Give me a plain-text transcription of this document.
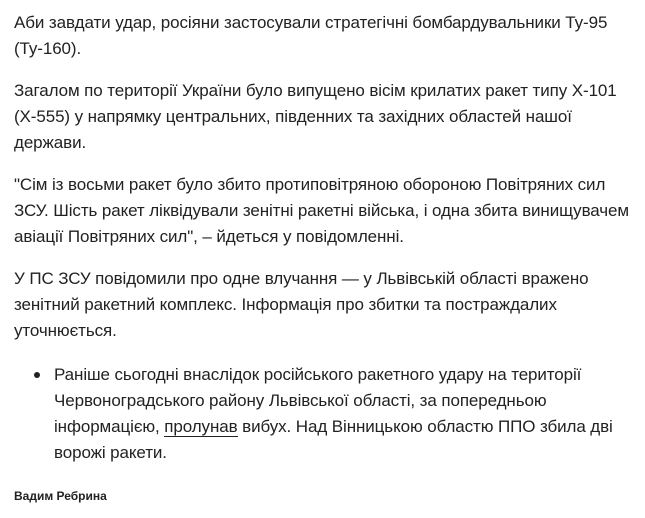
Аби завдати удар, росіяни застосували стратегічні бомбардувальники Ту-95 (Ту-160).

Загалом по території України було випущено вісім крилатих ракет типу Х-101 (Х-555) у напрямку центральних, південних та західних областей нашої держави.

"Сім із восьми ракет було збито протиповітряною обороною Повітряних сил ЗСУ. Шість ракет ліквідували зенітні ракетні війська, і одна збита винищувачем авіації Повітряних сил", – йдеться у повідомленні.

У ПС ЗСУ повідомили про одне влучання — у Львівській області вражено зенітний ракетний комплекс. Інформація про збитки та постраждалих уточнюється.

Раніше сьогодні внаслідок російського ракетного удару на території Червоноградського району Львівської області, за попередньою інформацією, пролунав вибух. Над Вінницькою областю ППО збила дві ворожі ракети.
Вадим Ребрина
